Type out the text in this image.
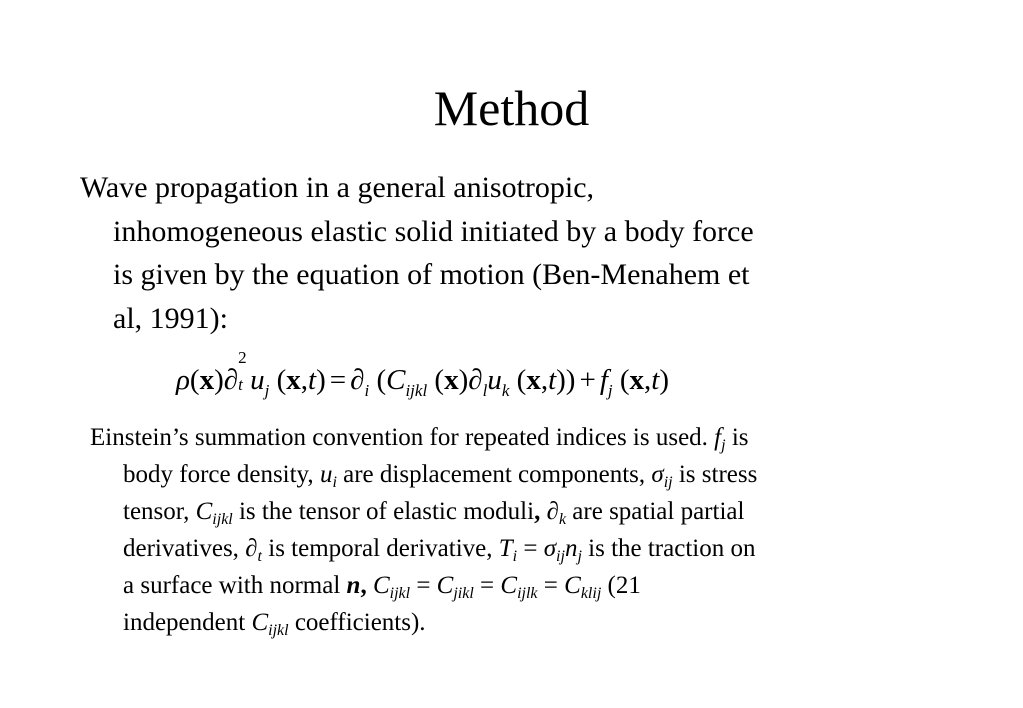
Method
Wave propagation in a general anisotropic,
inhomogeneous elastic solid initiated by a body force
is given by the equation of motion (Ben-Menahem et
al, 1991):
ρ(x)∂
2
t $u_j$ $(x,t) = \partial_i$ ($C_{ijkl}$ $(x)\partial_lu_k$ $(x,t)) + f_j$ (x,t)
Einstein’s summation convention for repeated indices is used. $f_j$ is
body force density, $u_i$ are displacement components, $\sigma_{ij}$ is stress
tensor, $C_{ijkl}$ is the tensor of elastic moduli, $\partial_k$ are spatial partial
derivatives, $\partial_t$ is temporal derivative, $T_i = \sigma_{ij}n_j$ is the traction on
a surface with normal n, $C_{ijkl} = C_{jikl} = C_{ijlk} = C_{klij}$ (21
independent $C_{ijkl}$ coefficients).
